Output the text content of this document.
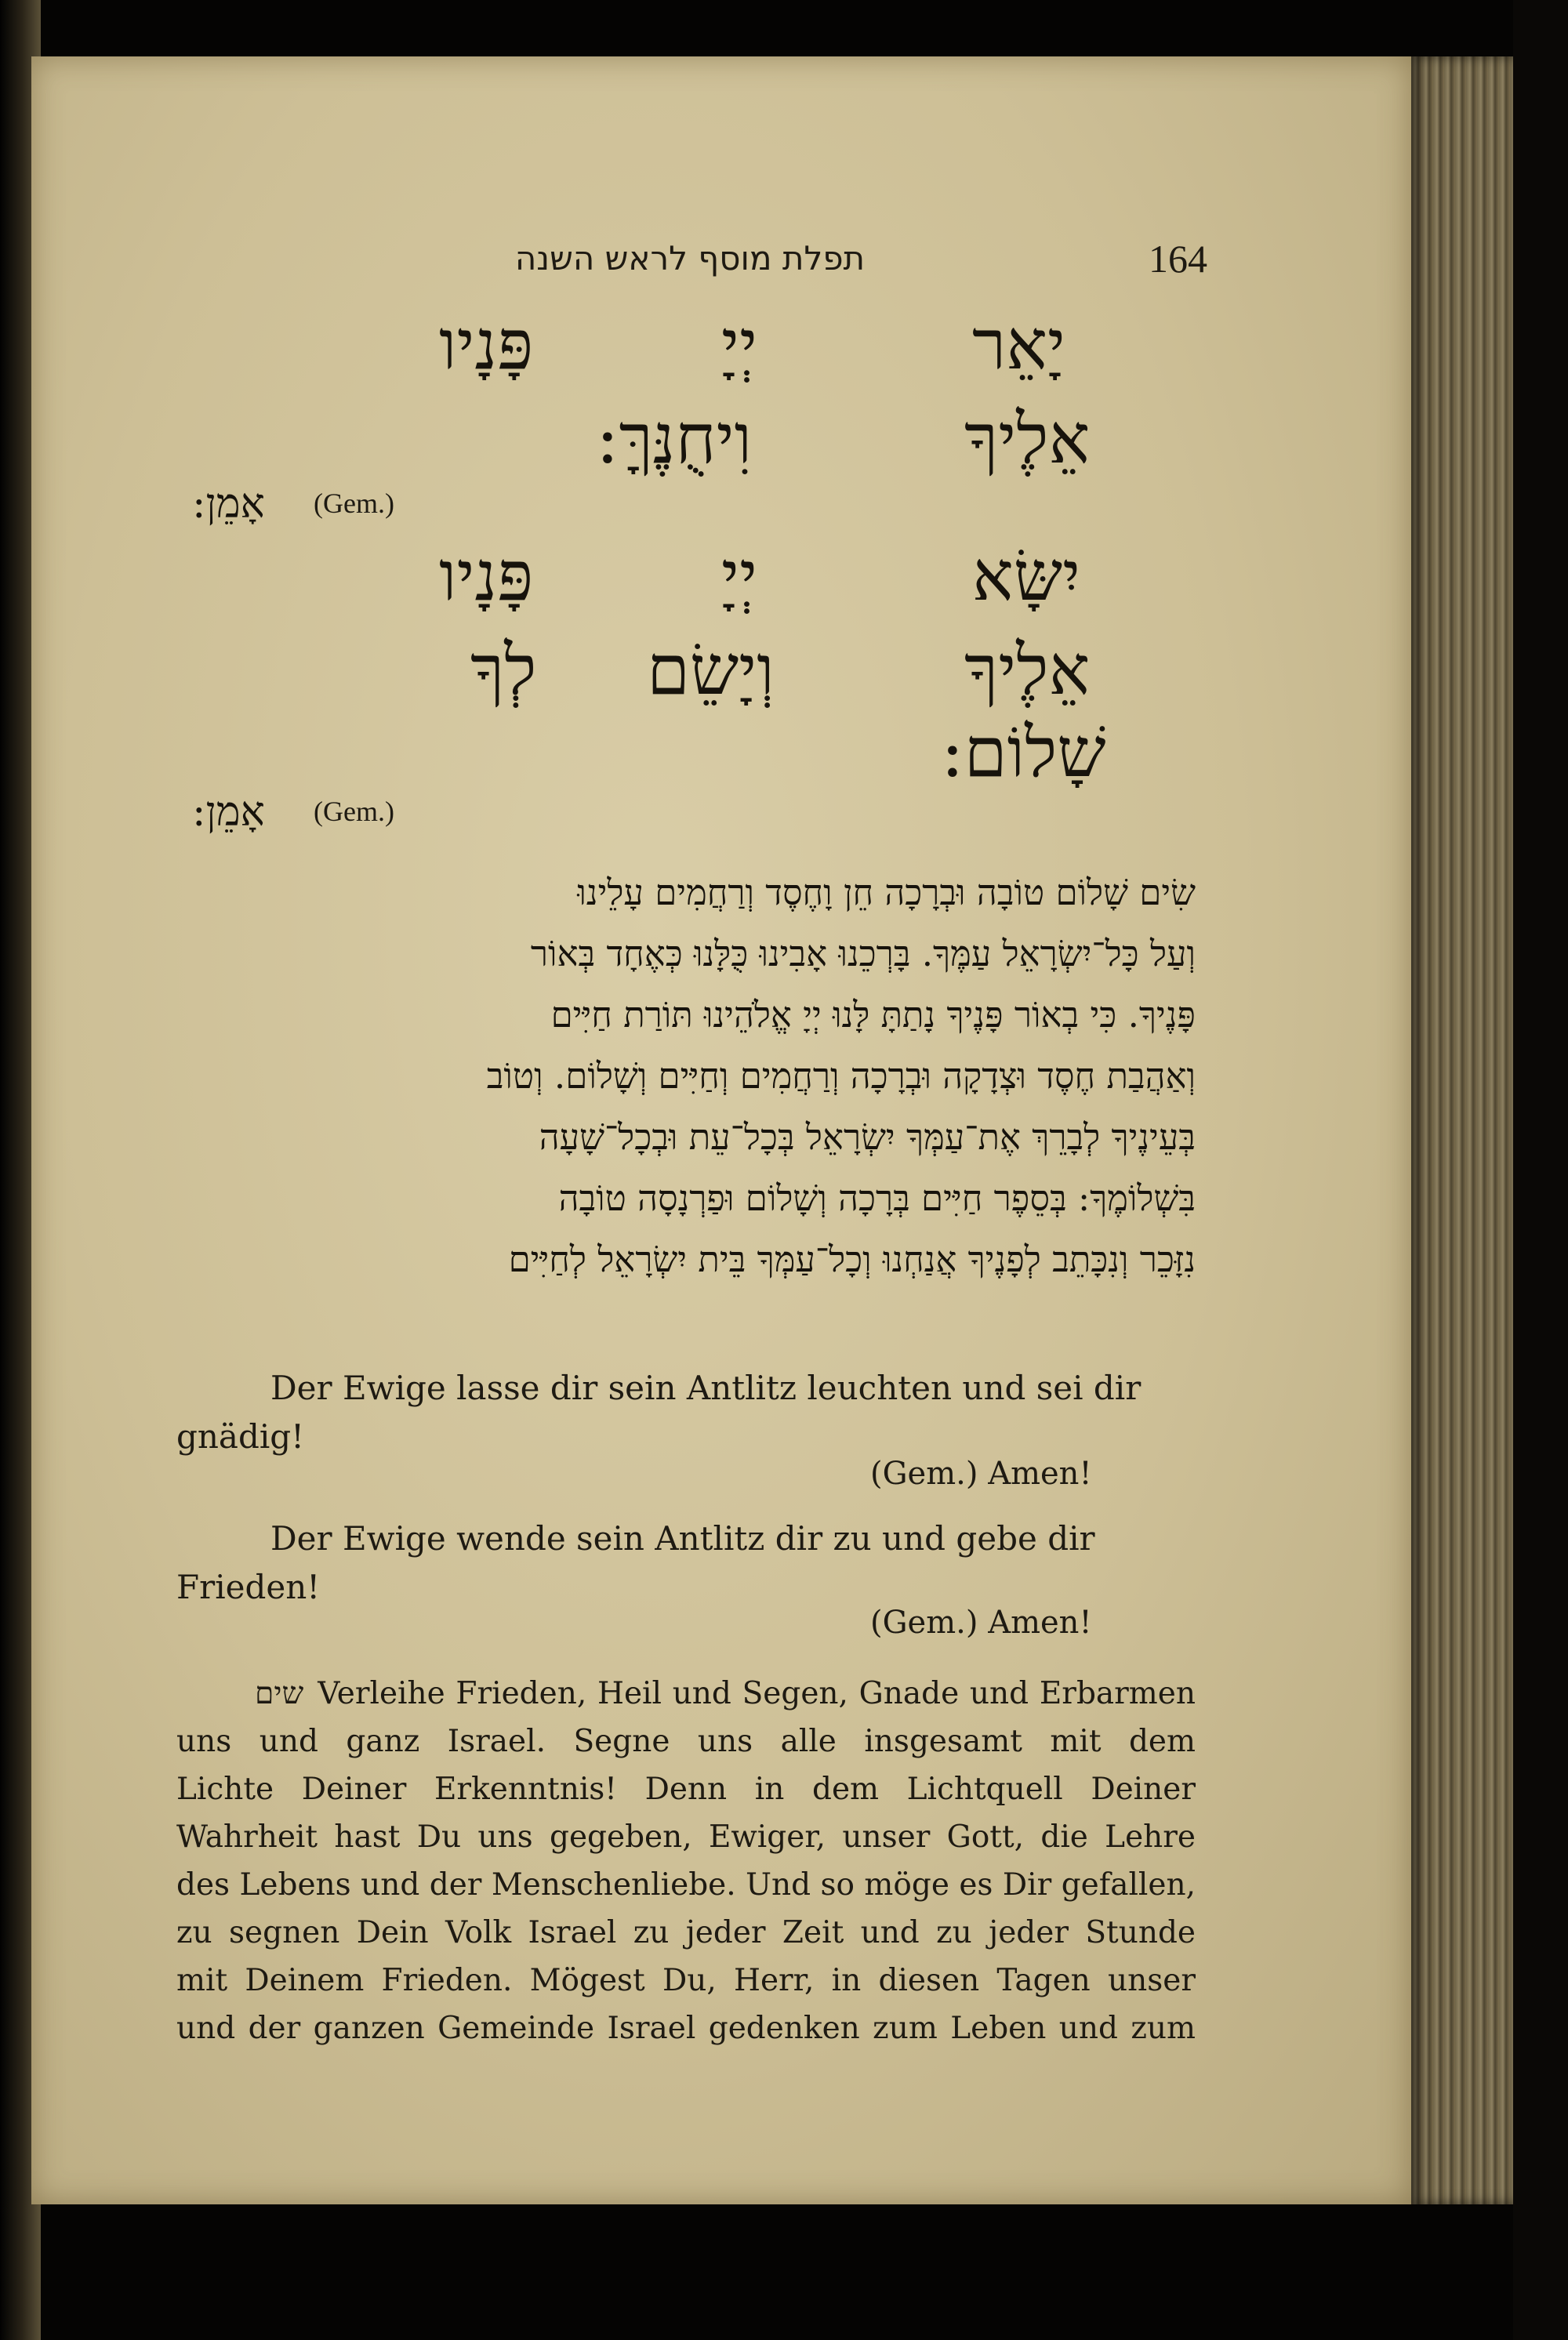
תפלת מוסף לראש השנה	164
יָאֵר
יְיָ
פָּנָיו
אֵלֶיךָ
וִיחֻנֶּךָּ:
(Gem.)
אָמֵן:
יִשָּׂא
יְיָ
פָּנָיו
אֵלֶיךָ
וְיָשֵׂם
לְךָ
שָׁלוֹם:
(Gem.)
אָמֵן:
שִׂים שָׁלוֹם טוֹבָה וּבְרָכָה חֵן וָחֶסֶד וְרַחֲמִים עָלֵינוּ
וְעַל כָּל־יִשְׂרָאֵל עַמֶּךָ. בָּרְכֵנוּ אָבִינוּ כֻּלָּנוּ כְּאֶחָד בְּאוֹר
פָּנֶיךָ. כִּי בְאוֹר פָּנֶיךָ נָתַתָּ לָּנוּ יְיָ אֱלֹהֵינוּ תּוֹרַת חַיִּים
וְאַהֲבַת חֶסֶד וּצְדָקָה וּבְרָכָה וְרַחֲמִים וְחַיִּים וְשָׁלוֹם. וְטוֹב
בְּעֵינֶיךָ לְבָרֵךְ אֶת־עַמְּךָ יִשְׂרָאֵל בְּכָל־עֵת וּבְכָל־שָׁעָה
בִּשְׁלוֹמֶךָ: בְּסֵפֶר חַיִּים בְּרָכָה וְשָׁלוֹם וּפַרְנָסָה טוֹבָה
נִזָּכֵר וְנִכָּתֵב לְפָנֶיךָ אֲנַחְנוּ וְכָל־עַמְּךָ בֵּית יִשְׂרָאֵל לְחַיִּים
Der Ewige lasse dir sein Antlitz leuchten und sei dir
gnädig!
(Gem.) Amen!
Der Ewige wende sein Antlitz dir zu und gebe dir
Frieden!
(Gem.) Amen!
שים Verleihe Frieden, Heil und Segen, Gnade und Erbarmen
uns und ganz Israel. Segne uns alle insgesamt mit dem
Lichte Deiner Erkenntnis! Denn in dem Lichtquell Deiner
Wahrheit hast Du uns gegeben, Ewiger, unser Gott, die Lehre
des Lebens und der Menschenliebe. Und so möge es Dir gefallen,
zu segnen Dein Volk Israel zu jeder Zeit und zu jeder Stunde
mit Deinem Frieden. Mögest Du, Herr, in diesen Tagen unser
und der ganzen Gemeinde Israel gedenken zum Leben und zum
